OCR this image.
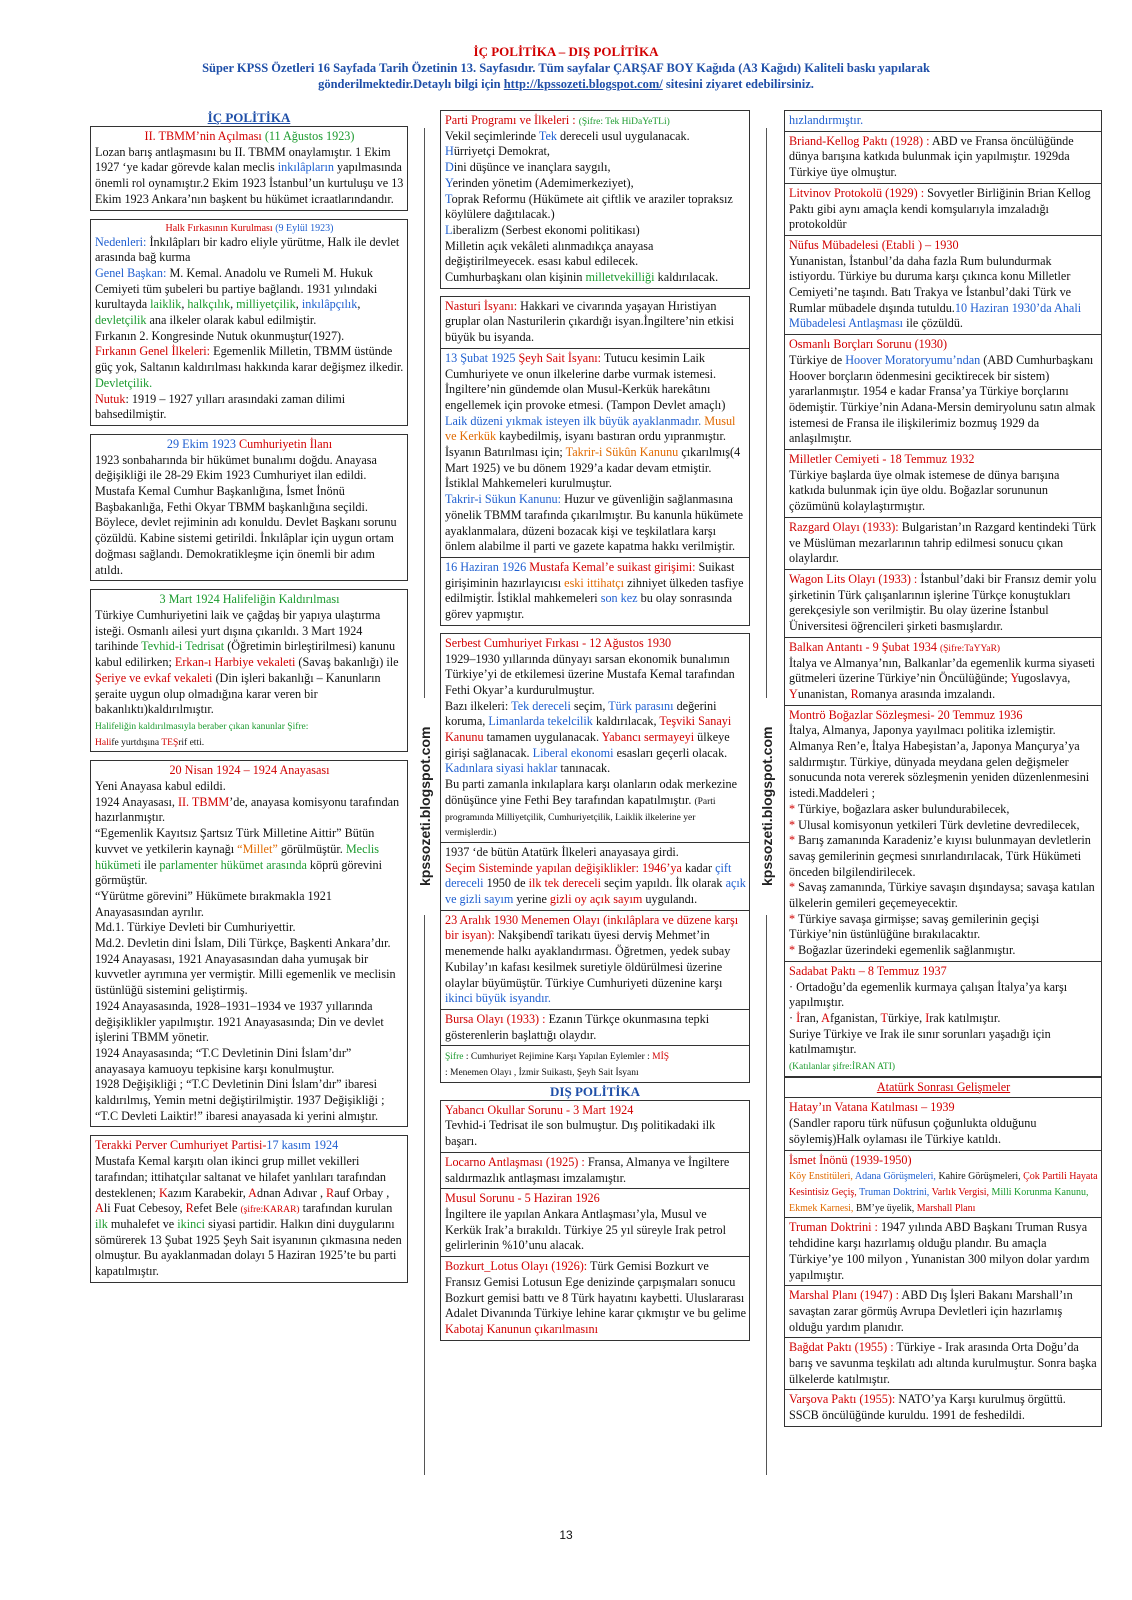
İÇ POLİTİKA – DIŞ POLİTİKA
Süper KPSS Özetleri 16 Sayfada Tarih Özetinin 13. Sayfasıdır. Tüm sayfalar ÇARŞAF BOY Kağıda (A3 Kağıdı) Kaliteli baskı yapılarak
gönderilmektedir.Detaylı bilgi için http://kpssozeti.blogspot.com/ sitesini ziyaret edebilirsiniz.
kpssozeti.blogspot.com	kpssozeti.blogspot.com
İÇ POLİTİKA
II. TBMM’nin Açılması (11 Ağustos 1923)
Lozan barış antlaşmasını bu II. TBMM onaylamıştır. 1 Ekim 1927 ‘ye kadar görevde kalan meclis inkılâpların yapılmasında önemli rol oynamıştır.2 Ekim 1923 İstanbul’un kurtuluşu ve 13 Ekim 1923 Ankara’nın başkent bu hükümet icraatlarındandır.
Halk Fırkasının Kurulması (9 Eylül 1923)
Nedenleri: İnkılâpları bir kadro eliyle yürütme, Halk ile devlet arasında bağ kurma
Genel Başkan: M. Kemal. Anadolu ve Rumeli M. Hukuk Cemiyeti tüm şubeleri bu partiye bağlandı. 1931 yılındaki kurultayda laiklik, halkçılık, milliyetçilik, inkılâpçılık, devletçilik ana ilkeler olarak kabul edilmiştir.
Fırkanın 2. Kongresinde Nutuk okunmuştur(1927).
Fırkanın Genel İlkeleri: Egemenlik Milletin, TBMM üstünde güç yok, Saltanın kaldırılması hakkında karar değişmez ilkedir. Devletçilik.
Nutuk: 1919 – 1927 yılları arasındaki zaman dilimi bahsedilmiştir.
29 Ekim 1923 Cumhuriyetin İlanı
1923 sonbaharında bir hükümet bunalımı doğdu. Anayasa değişikliği ile 28-29 Ekim 1923 Cumhuriyet ilan edildi. Mustafa Kemal Cumhur Başkanlığına, İsmet İnönü Başbakanlığa, Fethi Okyar TBMM başkanlığına seçildi. Böylece, devlet rejiminin adı konuldu. Devlet Başkanı sorunu çözüldü. Kabine sistemi getirildi. İnkılâplar için uygun ortam doğması sağlandı. Demokratikleşme için önemli bir adım atıldı.
3 Mart 1924 Halifeliğin Kaldırılması
Türkiye Cumhuriyetini laik ve çağdaş bir yapıya ulaştırma isteği. Osmanlı ailesi yurt dışına çıkarıldı. 3 Mart 1924 tarihinde Tevhid-i Tedrisat (Öğretimin birleştirilmesi) kanunu kabul edilirken; Erkan-ı Harbiye vekaleti (Savaş bakanlığı) ile Şeriye ve evkaf vekaleti (Din işleri bakanlığı – Kanunların şeraite uygun olup olmadığına karar veren bir bakanlıktı)kaldırılmıştır.
Halifeliğin kaldırılmasıyla beraber çıkan kanunlar Şifre:
Halife yurtdışına TEŞrif etti.
20 Nisan 1924 – 1924 Anayasası
Yeni Anayasa kabul edildi.
1924 Anayasası, II. TBMM’de, anayasa komisyonu tarafından hazırlanmıştır.
“Egemenlik Kayıtsız Şartsız Türk Milletine Aittir” Bütün kuvvet ve yetkilerin kaynağı “Millet” görülmüştür. Meclis hükümeti ile parlamenter hükümet arasında köprü görevini görmüştür.
“Yürütme görevini” Hükümete bırakmakla 1921 Anayasasından ayrılır.
Md.1. Türkiye Devleti bir Cumhuriyettir.
Md.2. Devletin dini İslam, Dili Türkçe, Başkenti Ankara’dır.
1924 Anayasası, 1921 Anayasasından daha yumuşak bir kuvvetler ayrımına yer vermiştir. Milli egemenlik ve meclisin üstünlüğü sistemini geliştirmiş.
1924 Anayasasında, 1928–1931–1934 ve 1937 yıllarında değişiklikler yapılmıştır. 1921 Anayasasında; Din ve devlet işlerini TBMM yönetir.
1924 Anayasasında; “T.C Devletinin Dini İslam’dır” anayasaya kamuoyu tepkisine karşı konulmuştur.
1928 Değişikliği ; “T.C Devletinin Dini İslam’dır” ibaresi kaldırılmış, Yemin metni değiştirilmiştir. 1937 Değişikliği ; “T.C Devleti Laiktir!” ibaresi anayasada ki yerini almıştır.
Terakki Perver Cumhuriyet Partisi-17 kasım 1924
Mustafa Kemal karşıtı olan ikinci grup millet vekilleri tarafından; ittihatçılar saltanat ve hilafet yanlıları tarafından desteklenen; Kazım Karabekir, Adnan Adıvar , Rauf Orbay , Ali Fuat Cebesoy, Refet Bele (şifre:KARAR) tarafından kurulan ilk muhalefet ve ikinci siyasi partidir. Halkın dini duygularını sömürerek 13 Şubat 1925 Şeyh Sait isyanının çıkmasına neden olmuştur. Bu ayaklanmadan dolayı 5 Haziran 1925’te bu parti kapatılmıştır.
Parti Programı ve İlkeleri : (Şifre: Tek HiDaYeTLi)
Vekil seçimlerinde Tek dereceli usul uygulanacak.
Hürriyetçi Demokrat,
Dini düşünce ve inançlara saygılı,
Yerinden yönetim (Ademimerkeziyet),
Toprak Reformu (Hükümete ait çiftlik ve araziler topraksız köylülere dağıtılacak.)
Liberalizm (Serbest ekonomi politikası)
Milletin açık vekâleti alınmadıkça anayasa değiştirilmeyecek. esası kabul edilecek.
Cumhurbaşkanı olan kişinin milletvekilliği kaldırılacak.
Nasturi İsyanı: Hakkari ve civarında yaşayan Hıristiyan gruplar olan Nasturilerin çıkardığı isyan.İngiltere’nin etkisi büyük bu isyanda.
13 Şubat 1925 Şeyh Sait İsyanı: Tutucu kesimin Laik Cumhuriyete ve onun ilkelerine darbe vurmak istemesi. İngiltere’nin gündemde olan Musul-Kerkük harekâtını engellemek için provoke etmesi. (Tampon Devlet amaçlı) Laik düzeni yıkmak isteyen ilk büyük ayaklanmadır. Musul ve Kerkük kaybedilmiş, isyanı bastıran ordu yıpranmıştır.
İsyanın Batırılması için; Takrir-i Sükûn Kanunu çıkarılmış(4 Mart 1925) ve bu dönem 1929’a kadar devam etmiştir. İstiklal Mahkemeleri kurulmuştur.
Takrir-i Sükun Kanunu: Huzur ve güvenliğin sağlanmasına yönelik TBMM tarafında çıkarılmıştır. Bu kanunla hükümete ayaklanmalara, düzeni bozacak kişi ve teşkilatlara karşı önlem alabilme il parti ve gazete kapatma hakkı verilmiştir.
16 Haziran 1926 Mustafa Kemal’e suikast girişimi: Suikast girişiminin hazırlayıcısı eski ittihatçı zihniyet ülkeden tasfiye edilmiştir. İstiklal mahkemeleri son kez bu olay sonrasında görev yapmıştır.
Serbest Cumhuriyet Fırkası - 12 Ağustos 1930
1929–1930 yıllarında dünyayı sarsan ekonomik bunalımın Türkiye’yi de etkilemesi üzerine Mustafa Kemal tarafından Fethi Okyar’a kurdurulmuştur.
Bazı ilkeleri: Tek dereceli seçim, Türk parasını değerini koruma, Limanlarda tekelcilik kaldırılacak, Teşviki Sanayi Kanunu tamamen uygulanacak. Yabancı sermayeyi ülkeye girişi sağlanacak. Liberal ekonomi esasları geçerli olacak. Kadınlara siyasi haklar tanınacak.
Bu parti zamanla inkılaplara karşı olanların odak merkezine dönüşünce yine Fethi Bey tarafından kapatılmıştır. (Parti programında Milliyetçilik, Cumhuriyetçilik, Laiklik ilkelerine yer vermişlerdir.)
1937 ‘de bütün Atatürk İlkeleri anayasaya girdi.
Seçim Sisteminde yapılan değişiklikler: 1946’ya kadar çift dereceli 1950 de ilk tek dereceli seçim yapıldı. İlk olarak açık ve gizli sayım yerine gizli oy açık sayım uygulandı.
23 Aralık 1930 Menemen Olayı (inkılâplara ve düzene karşı bir isyan): Nakşibendî tarikatı üyesi derviş Mehmet’in menemende halkı ayaklandırması. Öğretmen, yedek subay Kubilay’ın kafası kesilmek suretiyle öldürülmesi üzerine olaylar büyümüştür. Türkiye Cumhuriyeti düzenine karşı ikinci büyük isyandır.
Bursa Olayı (1933) : Ezanın Türkçe okunmasına tepki gösterenlerin başlattığı olaydır.
Şifre : Cumhuriyet Rejimine Karşı Yapılan Eylemler : MİŞ
: Menemen Olayı , İzmir Suikastı, Şeyh Sait İsyanı
DIŞ POLİTİKA
Yabancı Okullar Sorunu - 3 Mart 1924
Tevhid-i Tedrisat ile son bulmuştur. Dış politikadaki ilk başarı.
Locarno Antlaşması (1925) : Fransa, Almanya ve İngiltere saldırmazlık antlaşması imzalamıştır.
Musul Sorunu - 5 Haziran 1926
İngiltere ile yapılan Ankara Antlaşması’yla, Musul ve Kerkük Irak’a bırakıldı. Türkiye 25 yıl süreyle Irak petrol gelirlerinin %10’unu alacak.
Bozkurt_Lotus Olayı (1926): Türk Gemisi Bozkurt ve Fransız Gemisi Lotusun Ege denizinde çarpışmaları sonucu Bozkurt gemisi battı ve 8 Türk hayatını kaybetti. Uluslararası Adalet Divanında Türkiye lehine karar çıkmıştır ve bu gelime Kabotaj Kanunun çıkarılmasını
hızlandırmıştır.
Briand-Kellog Paktı (1928) : ABD ve Fransa öncülüğünde dünya barışına katkıda bulunmak için yapılmıştır. 1929da Türkiye üye olmuştur.
Litvinov Protokolü (1929) : Sovyetler Birliğinin Brian Kellog Paktı gibi aynı amaçla kendi komşularıyla imzaladığı protokoldür
Nüfus Mübadelesi (Etabli ) – 1930
Yunanistan, İstanbul’da daha fazla Rum bulundurmak istiyordu. Türkiye bu duruma karşı çıkınca konu Milletler Cemiyeti’ne taşındı. Batı Trakya ve İstanbul’daki Türk ve Rumlar mübadele dışında tutuldu.10 Haziran 1930’da Ahali Mübadelesi Antlaşması ile çözüldü.
Osmanlı Borçları Sorunu (1930)
Türkiye de Hoover Moratoryumu’ndan (ABD Cumhurbaşkanı Hoover borçların ödenmesini geciktirecek bir sistem) yararlanmıştır. 1954 e kadar Fransa’ya Türkiye borçlarını ödemiştir. Türkiye’nin Adana-Mersin demiryolunu satın almak istemesi de Fransa ile ilişkilerimiz bozmuş 1929 da anlaşılmıştır.
Milletler Cemiyeti - 18 Temmuz 1932
Türkiye başlarda üye olmak istemese de dünya barışına katkıda bulunmak için üye oldu. Boğazlar sorununun çözümünü kolaylaştırmıştır.
Razgard Olayı (1933): Bulgaristan’ın Razgard kentindeki Türk ve Müslüman mezarlarının tahrip edilmesi sonucu çıkan olaylardır.
Wagon Lits Olayı (1933) : İstanbul’daki bir Fransız demir yolu şirketinin Türk çalışanlarının işlerine Türkçe konuştukları gerekçesiyle son verilmiştir. Bu olay üzerine İstanbul Üniversitesi öğrencileri şirketi basmışlardır.
Balkan Antantı - 9 Şubat 1934 (Şifre:TaYYaR)
İtalya ve Almanya’nın, Balkanlar’da egemenlik kurma siyaseti gütmeleri üzerine Türkiye’nin Öncülüğünde; Yugoslavya, Yunanistan, Romanya arasında imzalandı.
Montrö Boğazlar Sözleşmesi- 20 Temmuz 1936
İtalya, Almanya, Japonya yayılmacı politika izlemiştir. Almanya Ren’e, İtalya Habeşistan’a, Japonya Mançurya’ya saldırmıştır. Türkiye, dünyada meydana gelen değişmeler sonucunda nota vererek sözleşmenin yeniden düzenlenmesini istedi.Maddeleri ;
* Türkiye, boğazlara asker bulundurabilecek,
* Ulusal komisyonun yetkileri Türk devletine devredilecek,
* Barış zamanında Karadeniz’e kıyısı bulunmayan devletlerin savaş gemilerinin geçmesi sınırlandırılacak, Türk Hükümeti önceden bilgilendirilecek.
* Savaş zamanında, Türkiye savaşın dışındaysa; savaşa katılan ülkelerin gemileri geçemeyecektir.
* Türkiye savaşa girmişse; savaş gemilerinin geçişi Türkiye’nin üstünlüğüne bırakılacaktır.
* Boğazlar üzerindeki egemenlik sağlanmıştır.
Sadabat Paktı – 8 Temmuz 1937
· Ortadoğu’da egemenlik kurmaya çalışan İtalya’ya karşı yapılmıştır.
· İran, Afganistan, Türkiye, Irak katılmıştır.
Suriye Türkiye ve Irak ile sınır sorunları yaşadığı için katılmamıştır.
(Katılanlar şifre:İRAN ATI)
Atatürk Sonrası Gelişmeler
Hatay’ın Vatana Katılması – 1939
(Sandler raporu türk nüfusun çoğunlukta olduğunu söylemiş)Halk oylaması ile Türkiye katıldı.
İsmet İnönü (1939-1950)
Köy Enstitüleri, Adana Görüşmeleri, Kahire Görüşmeleri, Çok Partili Hayata Kesintisiz Geçiş, Truman Doktrini, Varlık Vergisi, Milli Korunma Kanunu, Ekmek Karnesi, BM’ye üyelik, Marshall Planı
Truman Doktrini : 1947 yılında ABD Başkanı Truman Rusya tehdidine karşı hazırlamış olduğu plandır. Bu amaçla Türkiye’ye 100 milyon , Yunanistan 300 milyon dolar yardım yapılmıştır.
Marshal Planı (1947) : ABD Dış İşleri Bakanı Marshall’ın savaştan zarar görmüş Avrupa Devletleri için hazırlamış olduğu yardım planıdır.
Bağdat Paktı (1955) : Türkiye - Irak arasında Orta Doğu’da barış ve savunma teşkilatı adı altında kurulmuştur. Sonra başka ülkelerde katılmıştır.
Varşova Paktı (1955): NATO’ya Karşı kurulmuş örgüttü. SSCB öncülüğünde kuruldu. 1991 de feshedildi.
13
